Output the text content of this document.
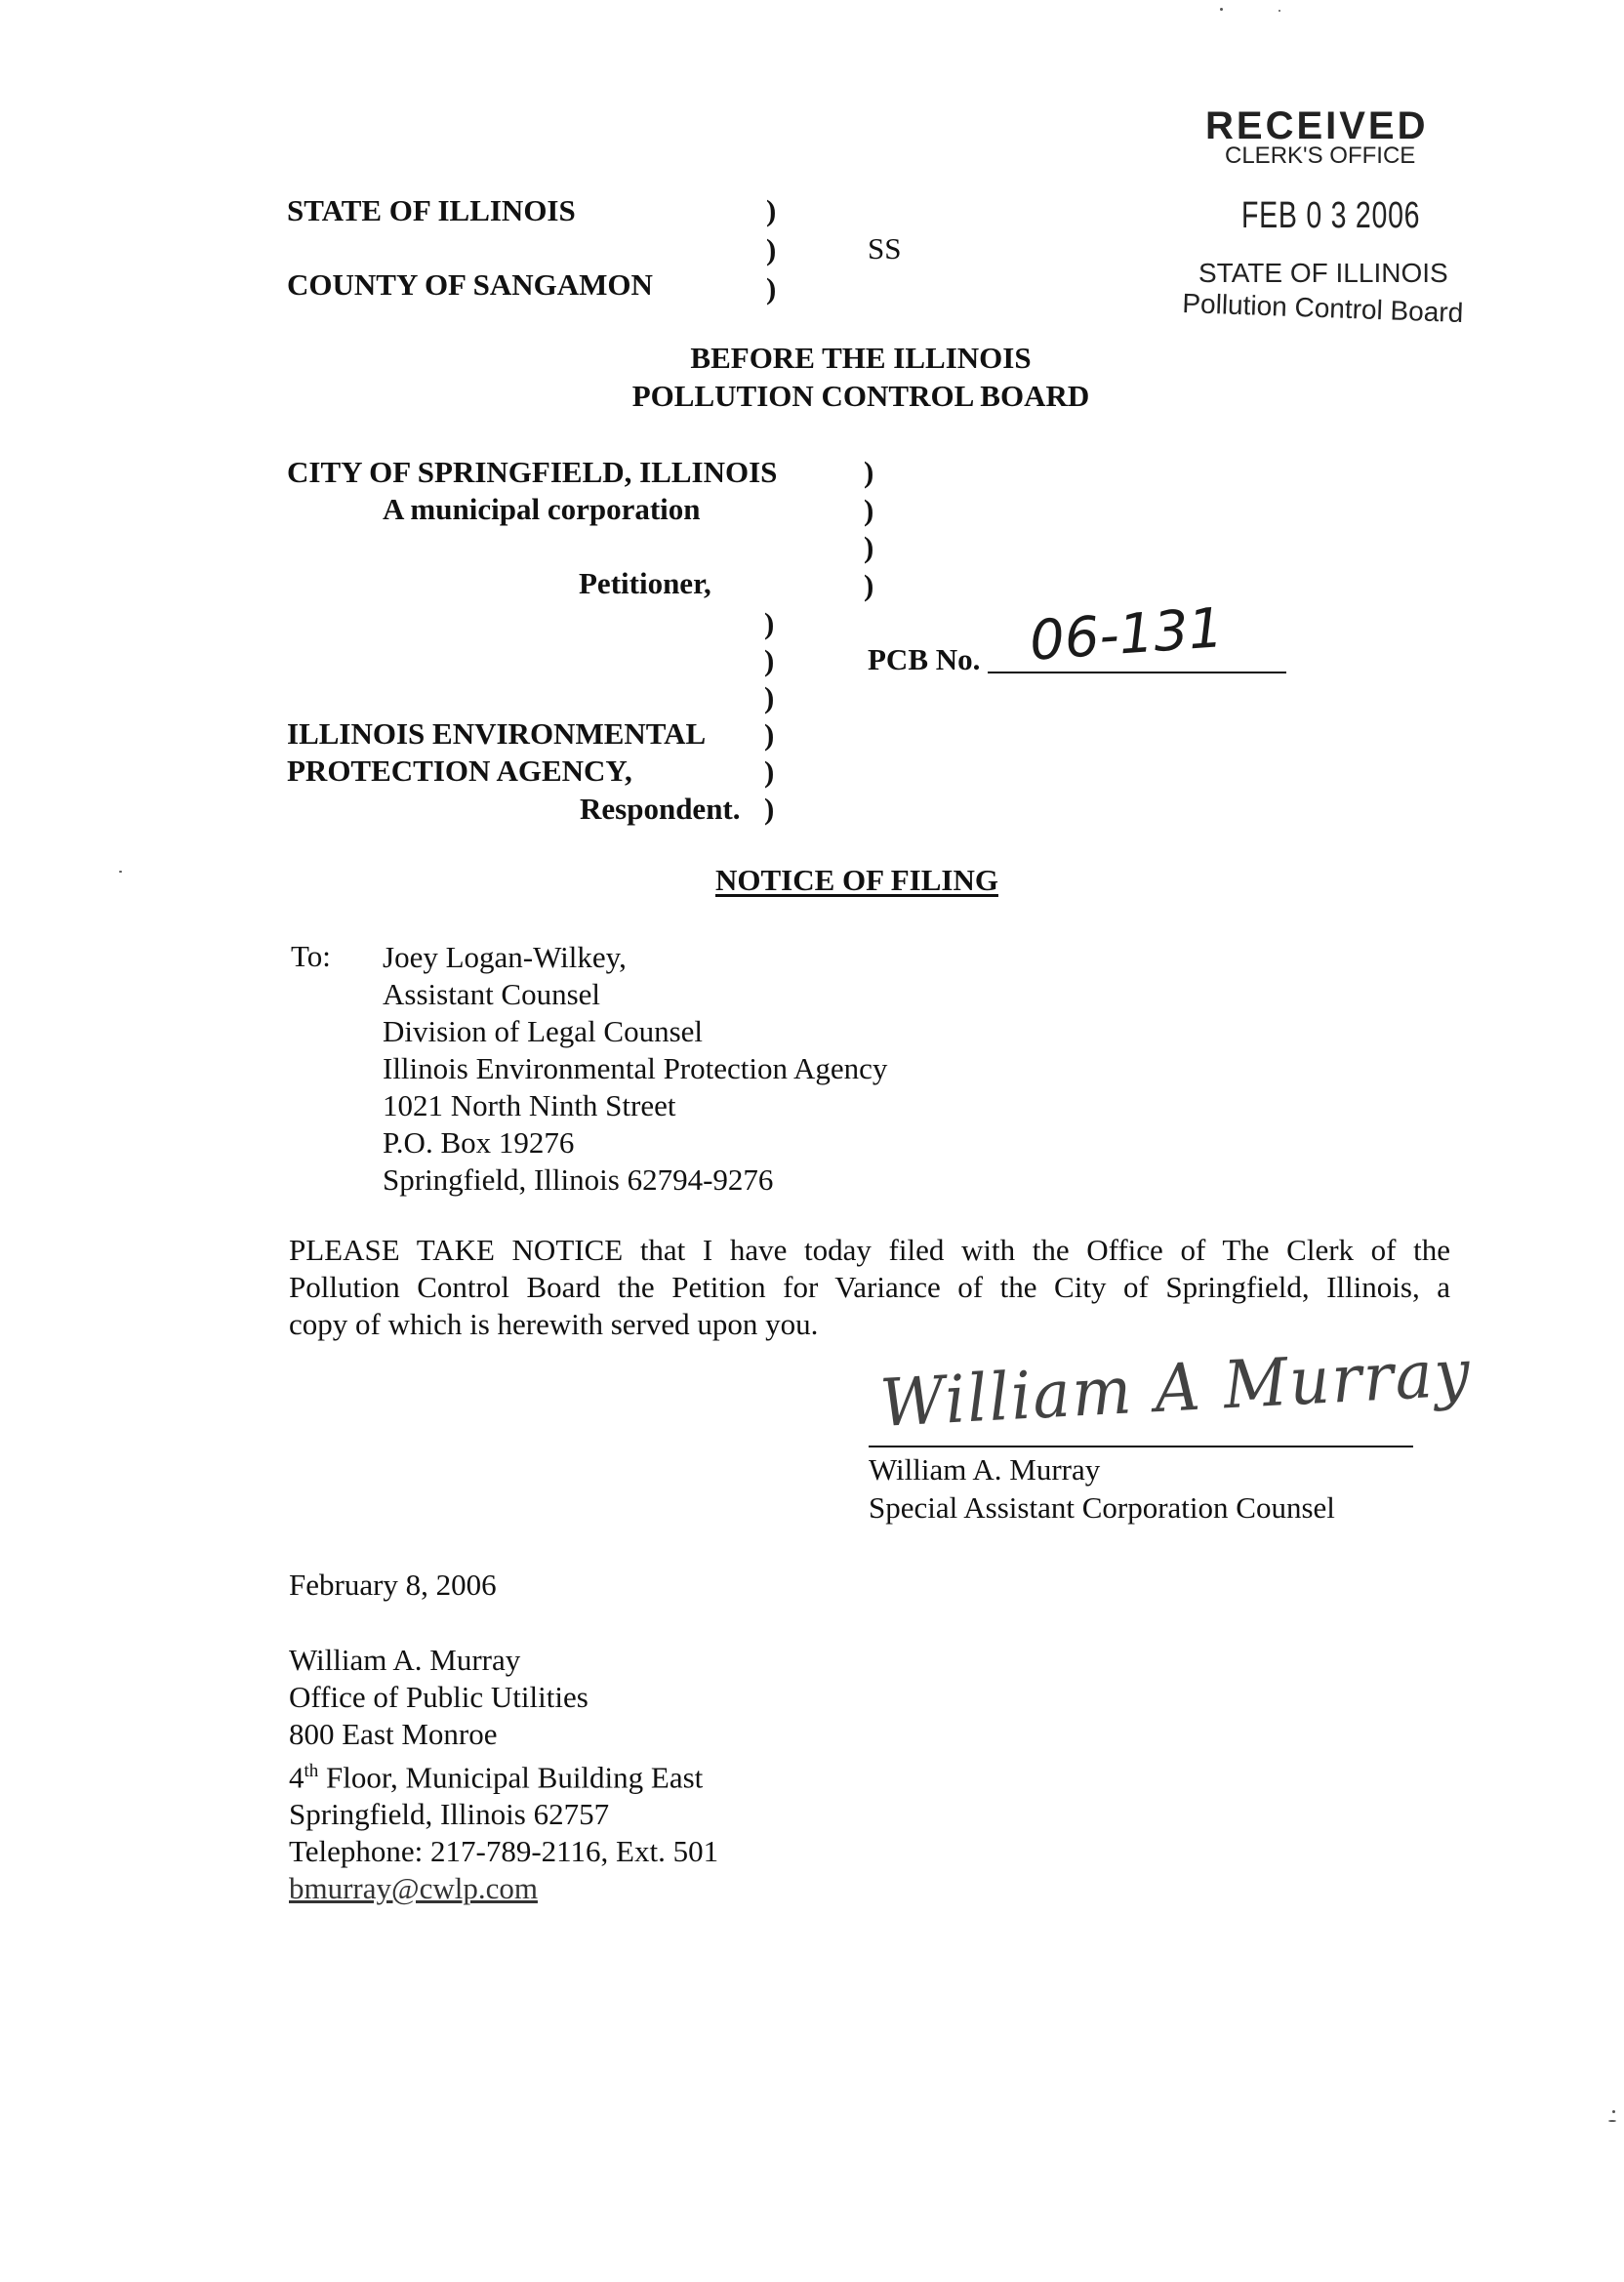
RECEIVED
CLERK'S OFFICE
FEB 0 3 2006
STATE OF ILLINOIS
Pollution Control Board
STATE OF ILLINOIS
COUNTY OF SANGAMON
)
)
)
SS
BEFORE THE ILLINOIS
POLLUTION CONTROL BOARD
CITY OF SPRINGFIELD, ILLINOIS
A municipal corporation
Petitioner,
)
)
)
)
)
)
)
)
)
)
PCB No. 06-131
ILLINOIS ENVIRONMENTAL
PROTECTION AGENCY,
Respondent.
NOTICE OF FILING
To: Joey Logan-Wilkey,
Assistant Counsel
Division of Legal Counsel
Illinois Environmental Protection Agency
1021 North Ninth Street
P.O. Box 19276
Springfield, Illinois 62794-9276
PLEASE TAKE NOTICE that I have today filed with the Office of The Clerk of the
Pollution Control Board the Petition for Variance of the City of Springfield, Illinois, a
copy of which is herewith served upon you.
William A Murray
William A. Murray
Special Assistant Corporation Counsel
February 8, 2006
William A. Murray
Office of Public Utilities
800 East Monroe
4th Floor, Municipal Building East
Springfield, Illinois 62757
Telephone: 217-789-2116, Ext. 501
bmurray@cwlp.com
